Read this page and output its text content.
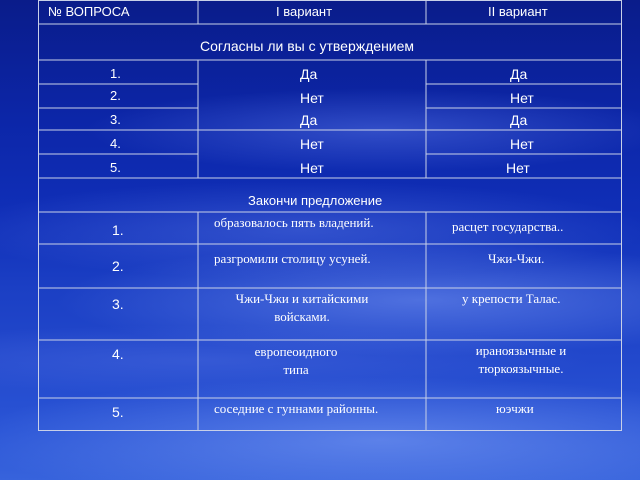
№ ВОПРОСА	I вариант	II вариант
Согласны ли вы с утверждением
1.
2.
3.
4.
5.
Да
Нет
Да
Нет
Нет
Да
Нет
Да
Нет
Нет
Закончи предложение
1.
2.
3.
4.
5.
образовалось пять владений.
разгромили столицу усуней.
Чжи-Чжи и китайскими войсками.
европеоидного типа
соседние с гуннами районны.
расцет государства..
Чжи-Чжи.
у крепости Талас.
ираноязычные и тюркоязычные.
юэчжи
